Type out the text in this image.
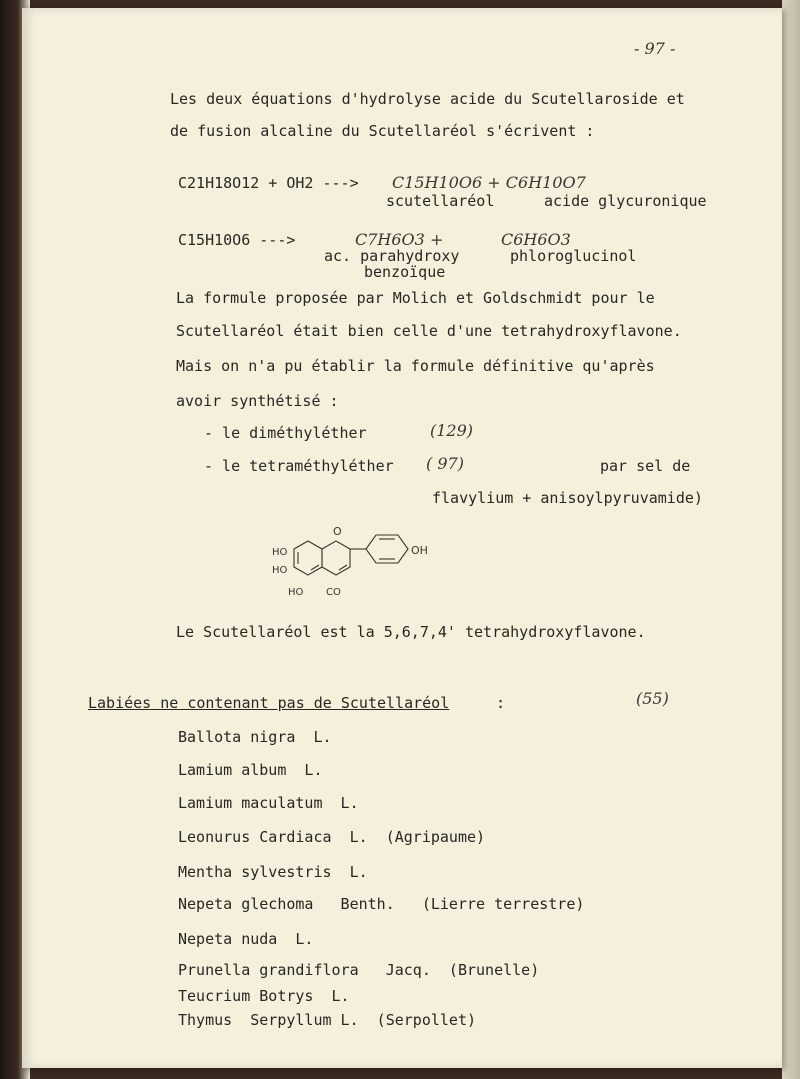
- 97 -
Les deux équations d'hydrolyse acide du Scutellaroside et
de fusion alcaline du Scutellaréol s'écrivent :
C21H18O12 + OH2 ---> C15H10O6 + C6H10O7
scutellaréol	acide glycuronique
C15H10O6 --->	C7H6O3 +	C6H6O3
ac. parahydroxy
benzoïque
phloroglucinol
La formule proposée par Molich et Goldschmidt pour le
Scutellaréol était bien celle d'une tetrahydroxyflavone.
Mais on n'a pu établir la formule définitive qu'après
avoir synthétisé :
- le diméthyléther	(129)
- le tetraméthyléther ( 97)	par sel de
flavylium + anisoylpyruvamide)
O
OH
HO
HO
HO CO
Le Scutellaréol est la 5,6,7,4' tetrahydroxyflavone.
Labiées ne contenant pas de Scutellaréol	:	(55)
Ballota nigra  L.
Lamium album  L.
Lamium maculatum  L.
Leonurus Cardiaca  L.  (Agripaume)
Mentha sylvestris  L.
Nepeta glechoma   Benth.   (Lierre terrestre)
Nepeta nuda  L.
Prunella grandiflora   Jacq.  (Brunelle)
Teucrium Botrys  L.
Thymus  Serpyllum L.  (Serpollet)
